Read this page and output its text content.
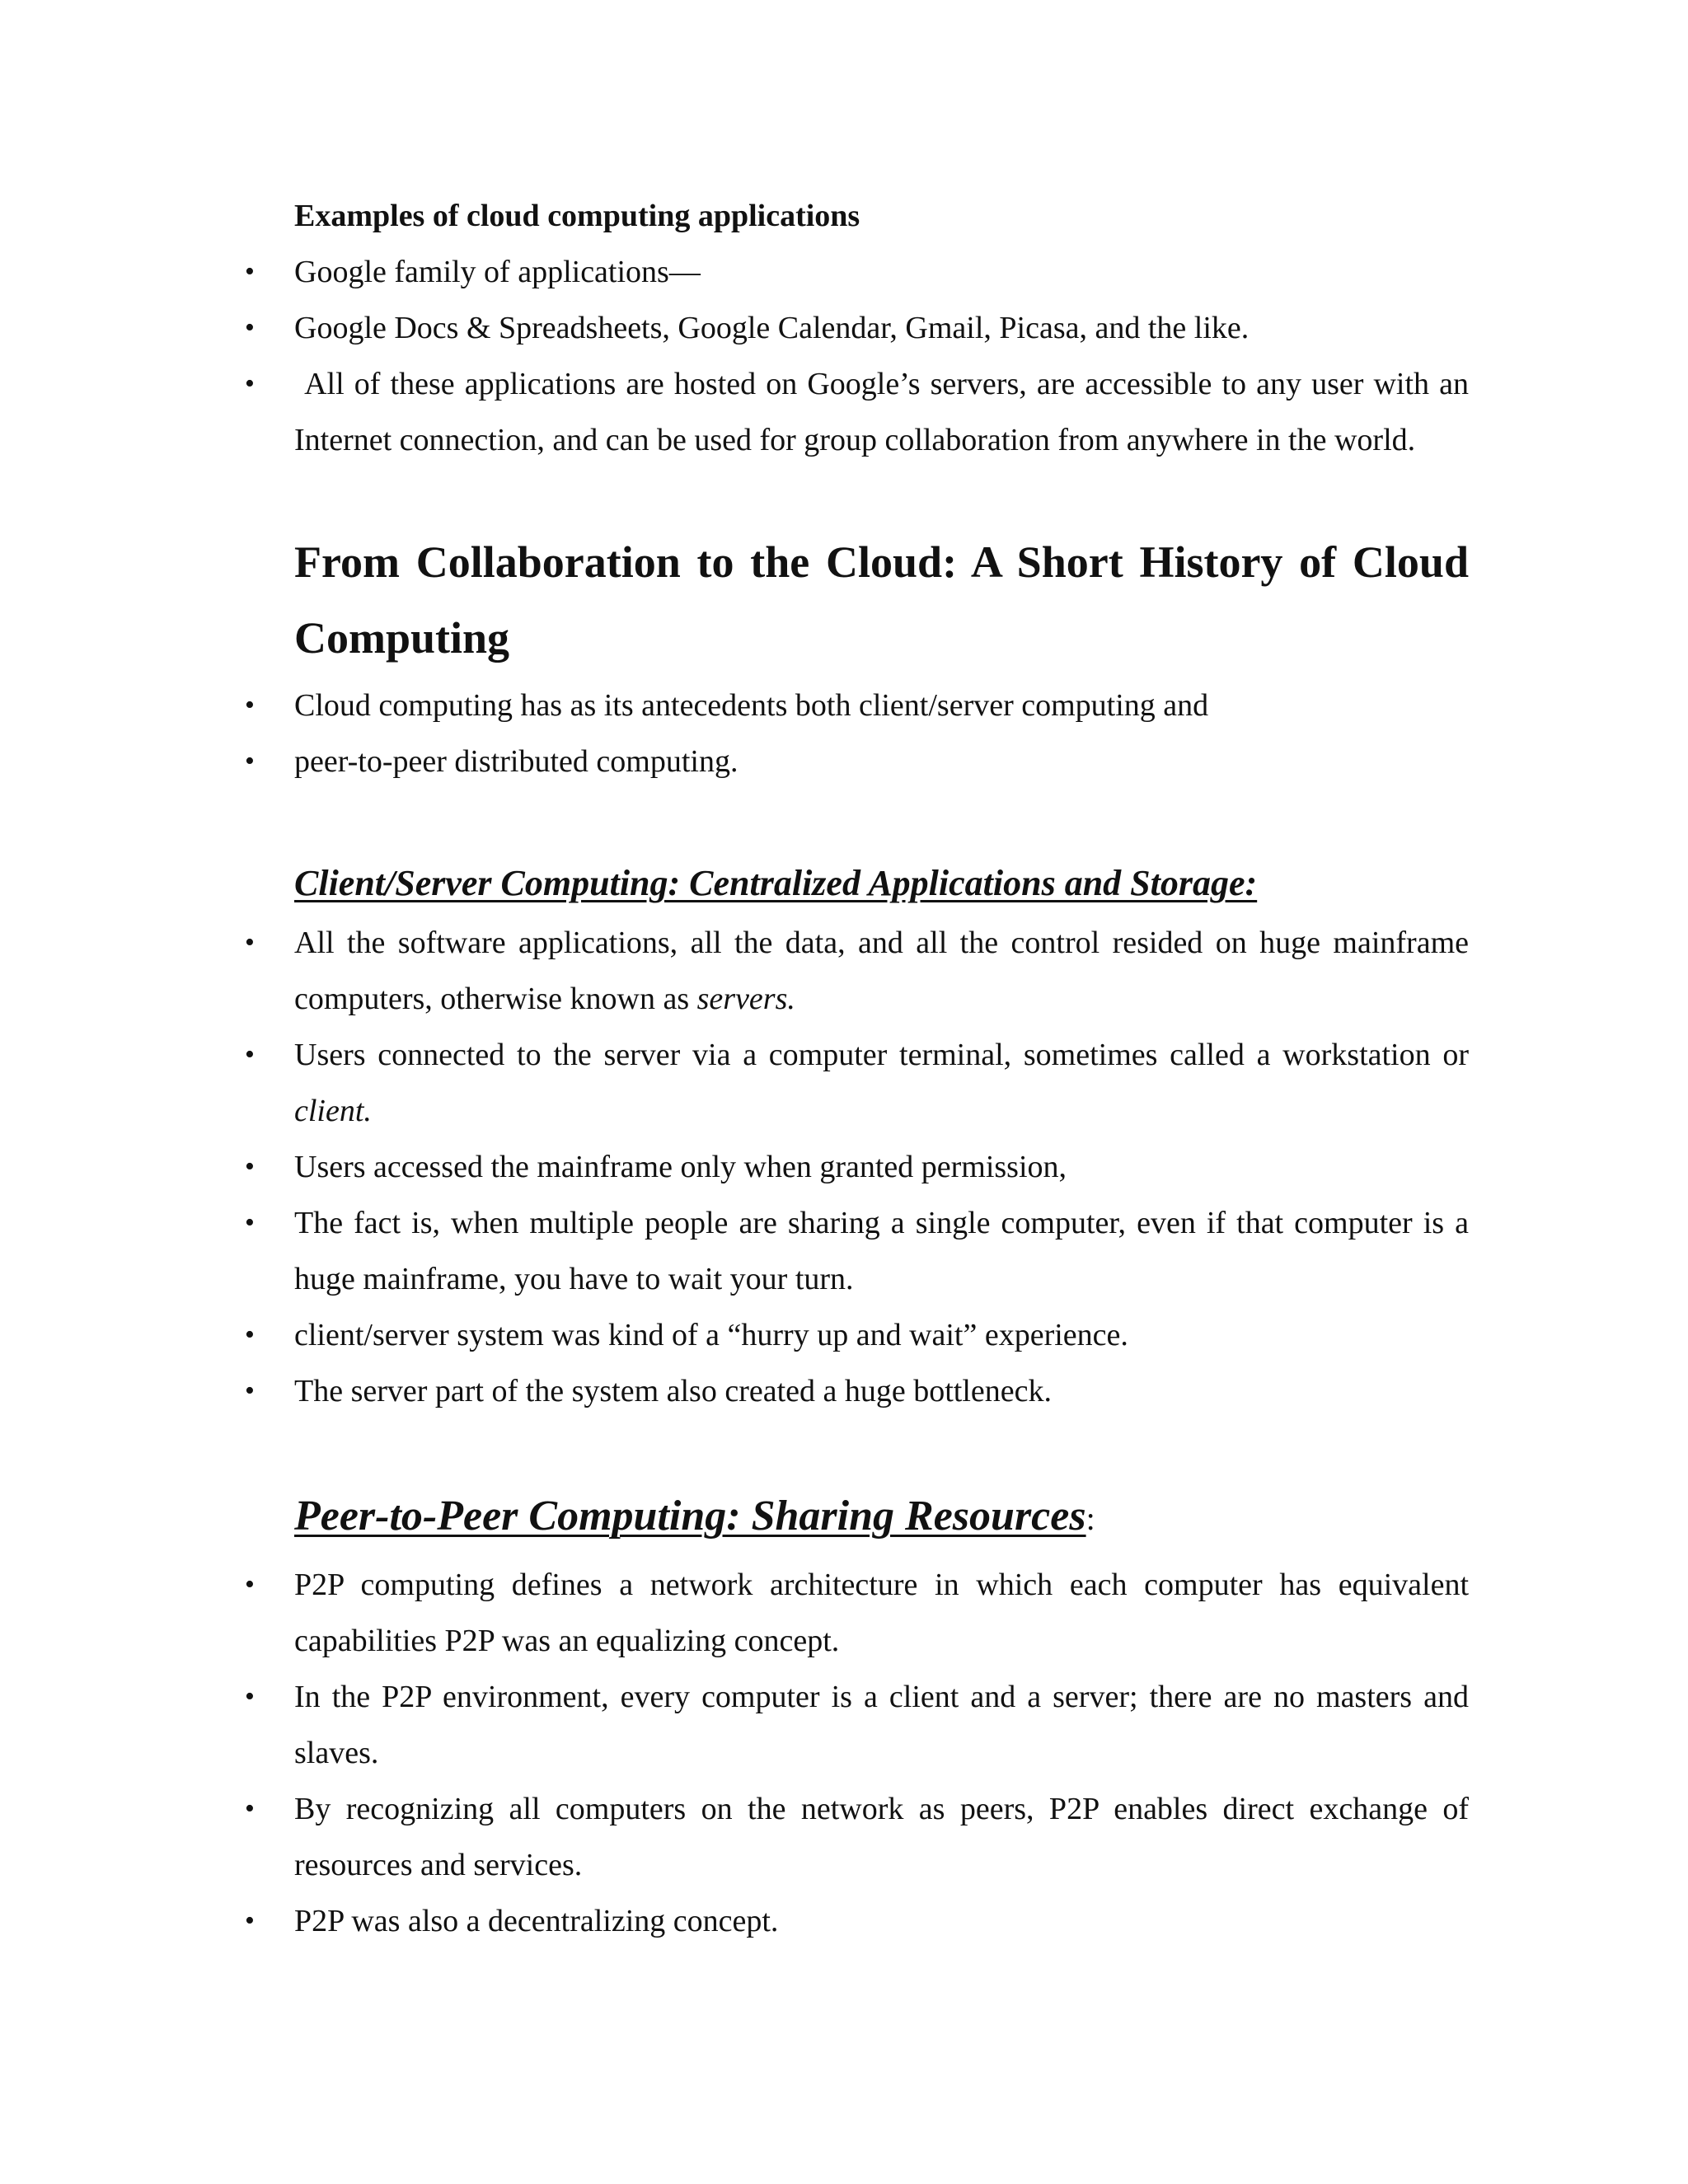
Examples of cloud computing applications

• Google family of applications—
• Google Docs & Spreadsheets, Google Calendar, Gmail, Picasa, and the like.
•  All of these applications are hosted on Google’s servers, are accessible to any user with an Internet connection, and can be used for group collaboration from anywhere in the world.
From Collaboration to the Cloud: A Short History of Cloud Computing
• Cloud computing has as its antecedents both client/server computing and
• peer-to-peer distributed computing.
Client/Server Computing: Centralized Applications and Storage:
• All the software applications, all the data, and all the control resided on huge mainframe computers, otherwise known as servers.
• Users connected to the server via a computer terminal, sometimes called a workstation or client.
• Users accessed the mainframe only when granted permission,
• The fact is, when multiple people are sharing a single computer, even if that computer is a huge mainframe, you have to wait your turn.
• client/server system was kind of a “hurry up and wait” experience.
• The server part of the system also created a huge bottleneck.
Peer-to-Peer Computing: Sharing Resources:
• P2P computing defines a network architecture in which each computer has equivalent capabilities P2P was an equalizing concept.
• In the P2P environment, every computer is a client and a server; there are no masters and slaves.
• By recognizing all computers on the network as peers, P2P enables direct exchange of resources and services.
• P2P was also a decentralizing concept.
